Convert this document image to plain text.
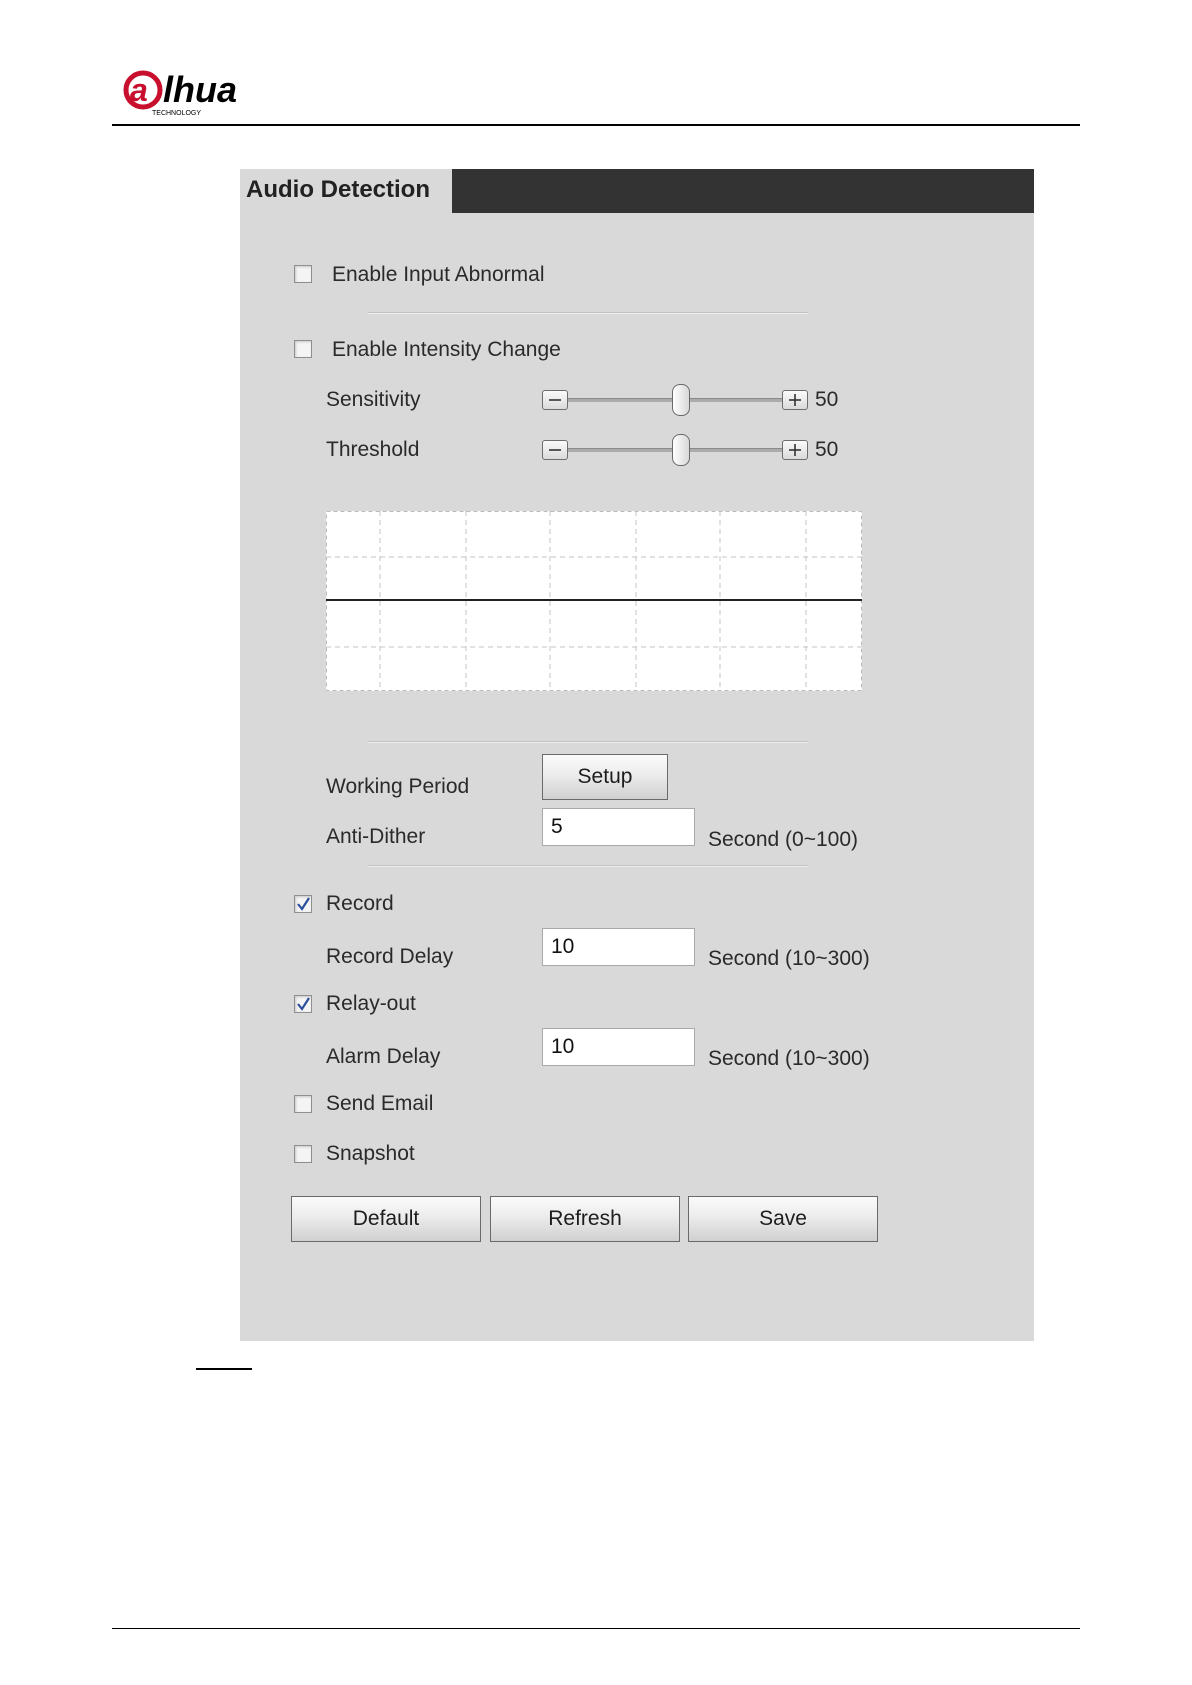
a lhua
TECHNOLOGY
Audio Detection
Enable Input Abnormal
Enable Intensity Change
Sensitivity	50
Threshold	50
Working Period	Setup
Anti-Dither	5
Second (0~100)
Record
Record Delay	10
Second (10~300)
Relay-out
Alarm Delay	10
Second (10~300)
Send Email
Snapshot
Default	Refresh	Save
